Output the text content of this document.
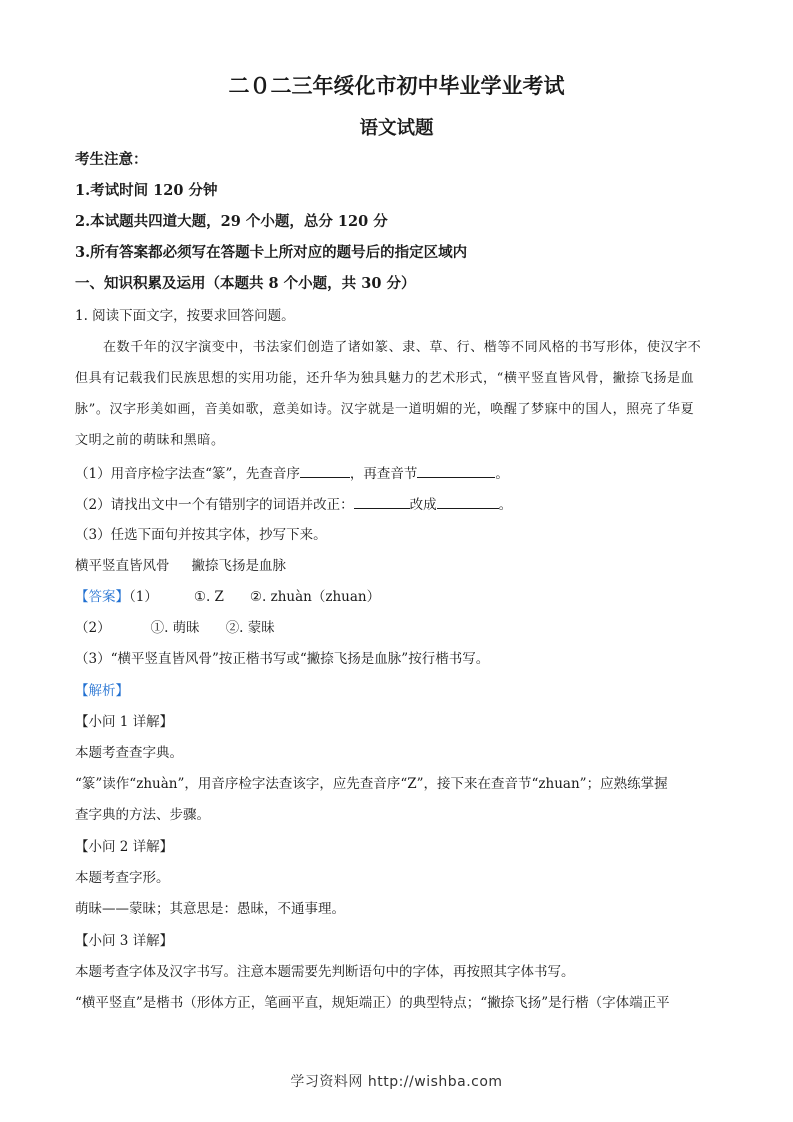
二０二三年绥化市初中毕业学业考试
语文试题
考生注意：
1.考试时间 120 分钟
2.本试题共四道大题，29 个小题，总分 120 分
3.所有答案都必须写在答题卡上所对应的题号后的指定区域内
一、知识积累及运用（本题共 8 个小题，共 30 分）
1. 阅读下面文字，按要求回答问题。
在数千年的汉字演变中，书法家们创造了诸如篆、隶、草、行、楷等不同风格的书写形体，使汉字不
但具有记载我们民族思想的实用功能，还升华为独具魅力的艺术形式，“横平竖直皆风骨，撇捺飞扬是血
脉”。汉字形美如画，音美如歌，意美如诗。汉字就是一道明媚的光，唤醒了梦寐中的国人，照亮了华夏
文明之前的萌昧和黑暗。
（1）用音序检字法查“篆”，先查音序	，再查音节	。
（2）请找出文中一个有错别字的词语并改正：	改成	。
（3）任选下面句并按其字体，抄写下来。
横平竖直皆风骨 撇捺飞扬是血脉
【答案】（1）	①. Z ②. zhuàn（zhuan）
（2）	①. 萌昧 ②. 蒙昧
（3）“横平竖直皆风骨”按正楷书写或“撇捺飞扬是血脉”按行楷书写。
【解析】
【小问 1 详解】
本题考查查字典。
“篆”读作“zhuàn”，用音序检字法查该字，应先查音序“Z”，接下来在查音节“zhuan”；应熟练掌握
查字典的方法、步骤。
【小问 2 详解】
本题考查字形。
萌昧——蒙昧；其意思是：愚昧，不通事理。
【小问 3 详解】
本题考查字体及汉字书写。注意本题需要先判断语句中的字体，再按照其字体书写。
“横平竖直”是楷书（形体方正，笔画平直，规矩端正）的典型特点；“撇捺飞扬”是行楷（字体端正平
学习资料网 http://wishba.com
